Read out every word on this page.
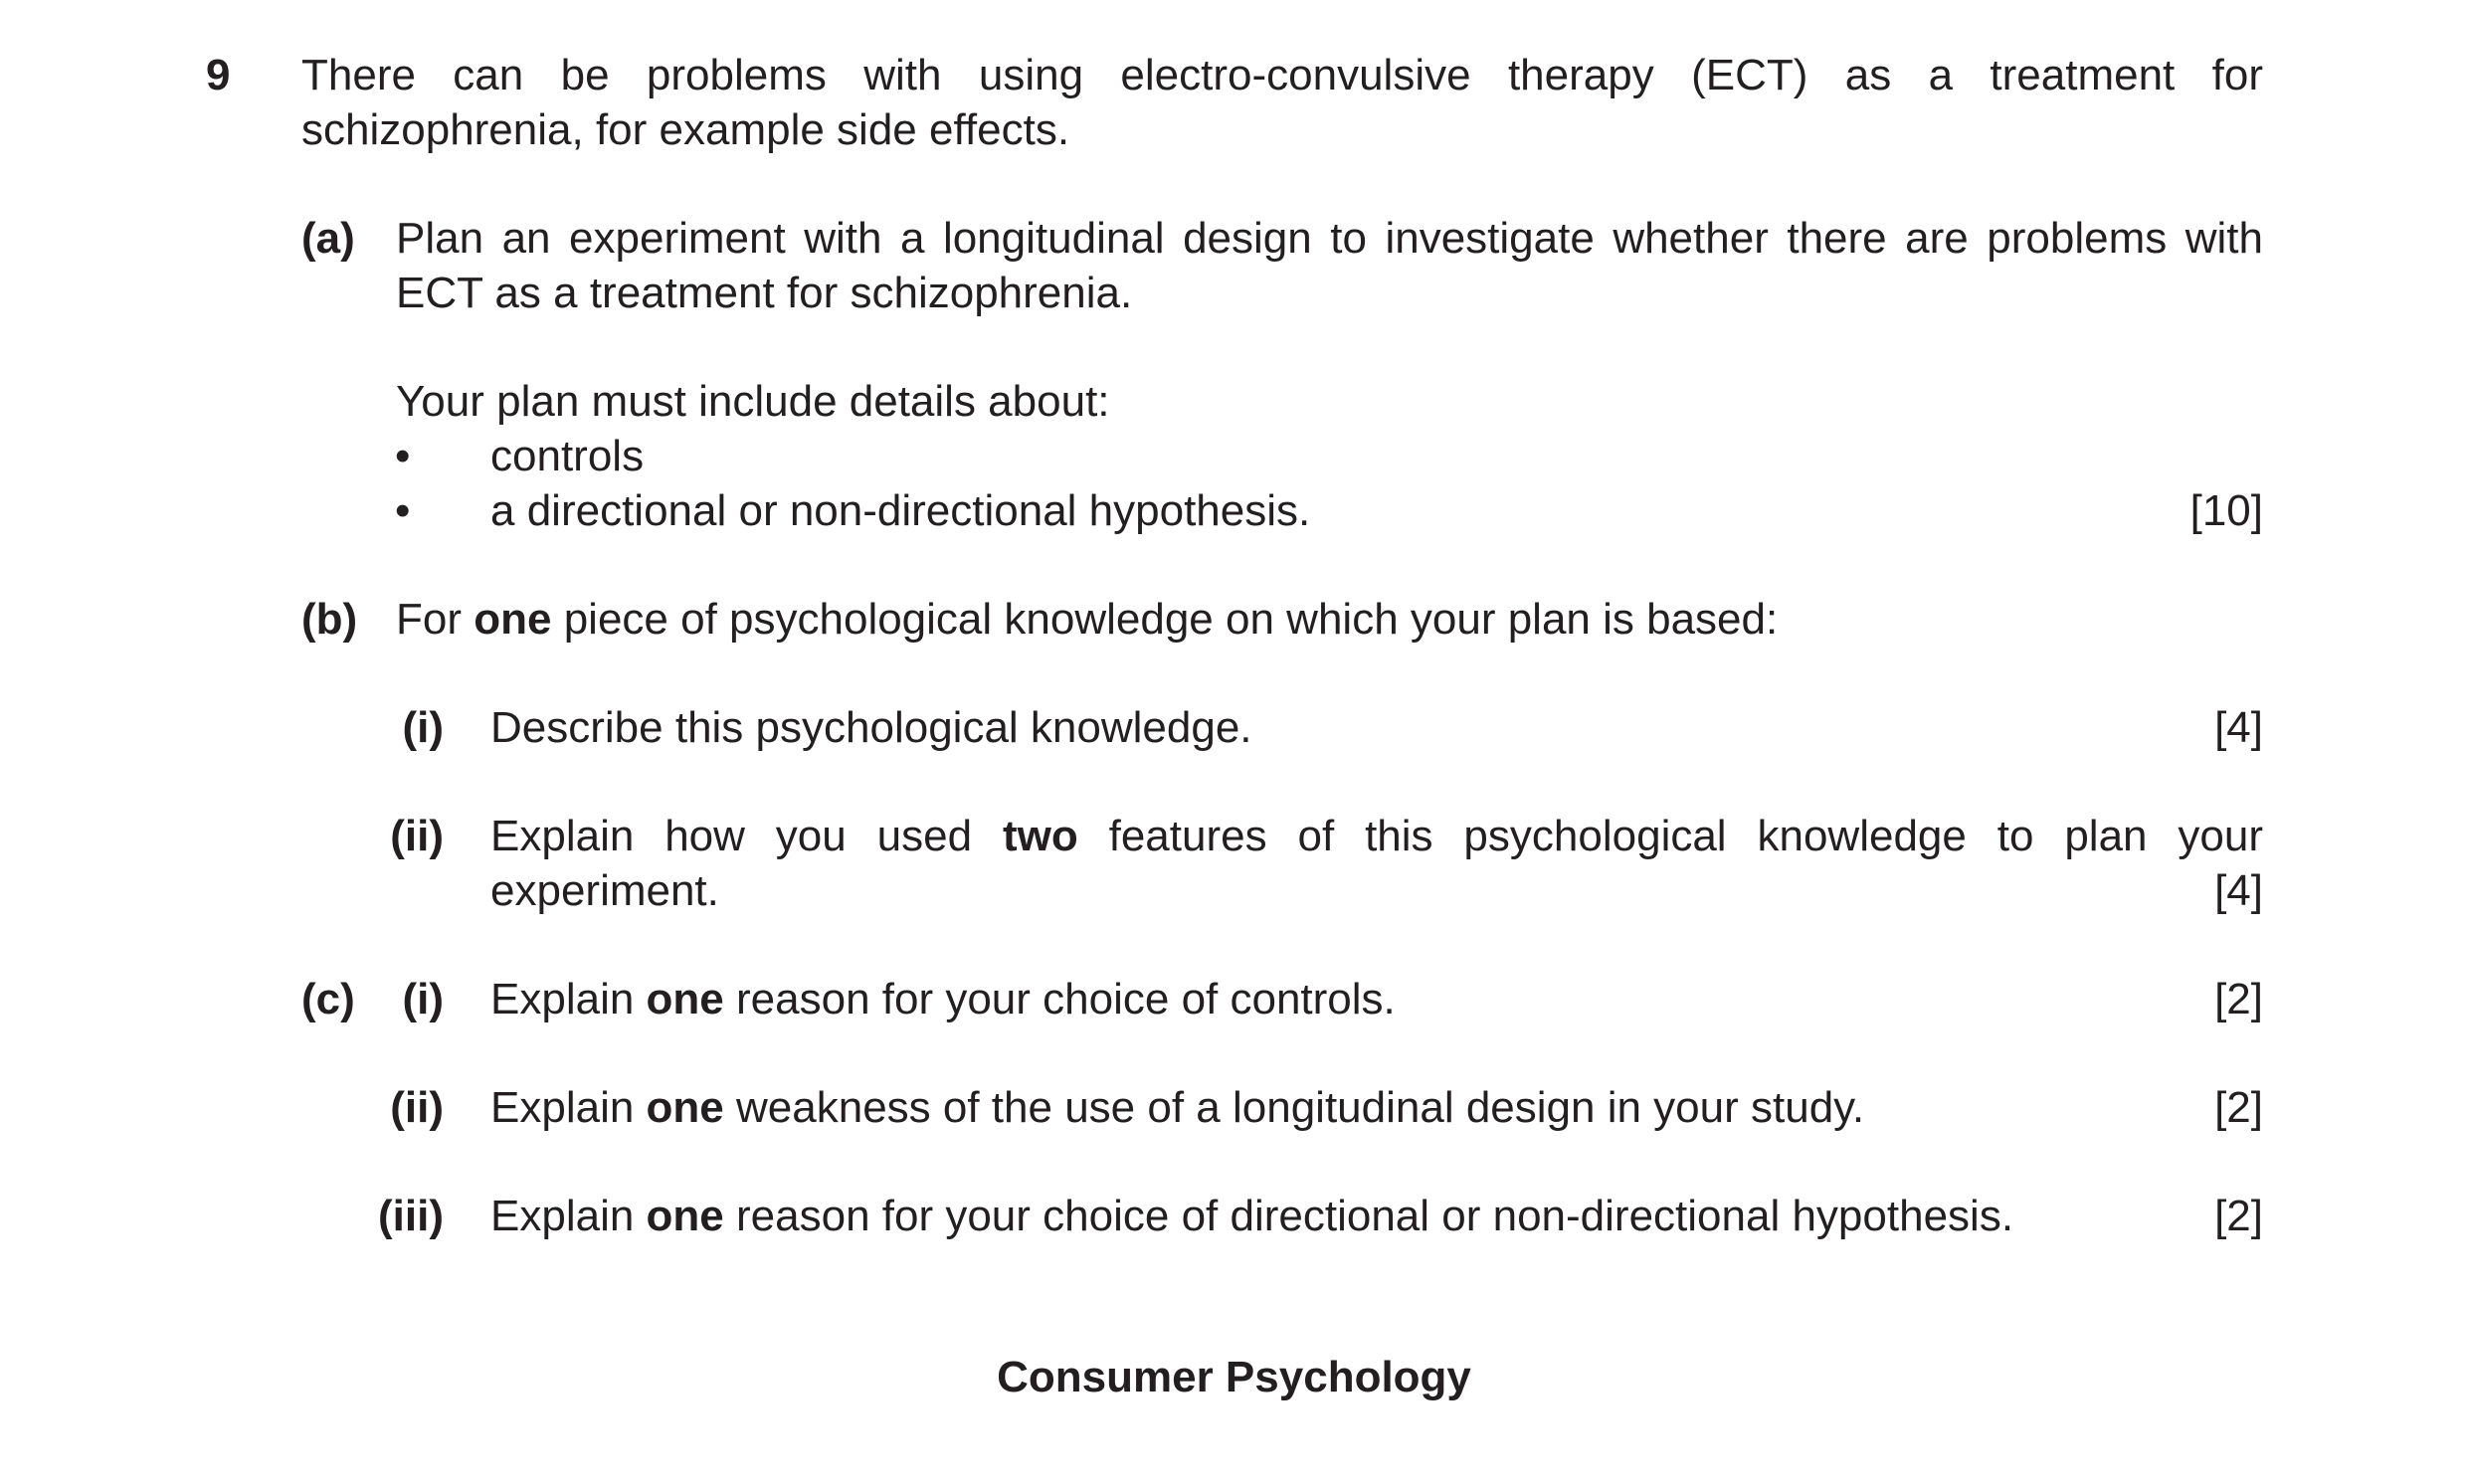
9 There can be problems with using electro-convulsive therapy (ECT) as a treatment for
schizophrenia, for example side effects.
(a) Plan an experiment with a longitudinal design to investigate whether there are problems with
ECT as a treatment for schizophrenia.
Your plan must include details about:
• controls
• a directional or non-directional hypothesis.	[10]
(b) For one piece of psychological knowledge on which your plan is based:
(i) Describe this psychological knowledge.	[4]
(ii) Explain how you used two features of this psychological knowledge to plan your
experiment.	[4]
(c) (i) Explain one reason for your choice of controls.	[2]
(ii) Explain one weakness of the use of a longitudinal design in your study.	[2]
(iii) Explain one reason for your choice of directional or non-directional hypothesis.	[2]
Consumer Psychology
